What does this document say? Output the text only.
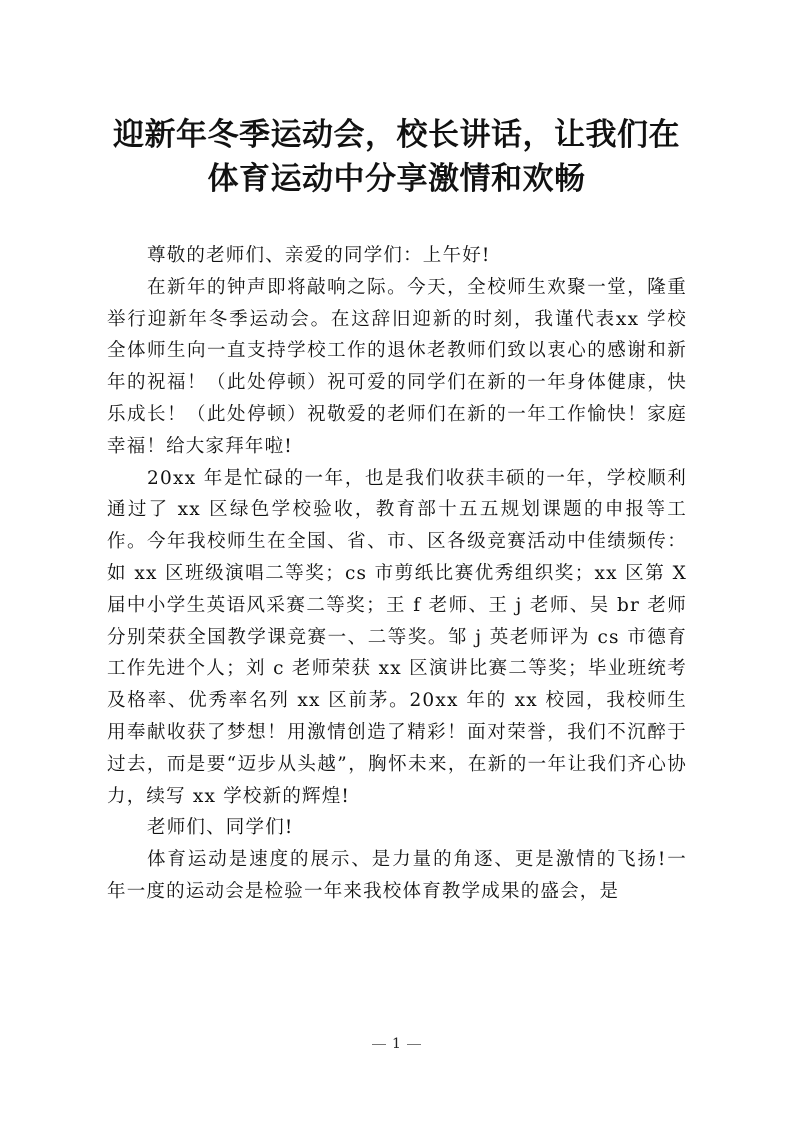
迎新年冬季运动会，校长讲话，让我们在
体育运动中分享激情和欢畅

尊敬的老师们、亲爱的同学们：上午好!

在新年的钟声即将敲响之际。今天，全校师生欢聚一堂，隆重举行迎新年冬季运动会。在这辞旧迎新的时刻，我谨代表xx 学校全体师生向一直支持学校工作的退休老教师们致以衷心的感谢和新年的祝福！（此处停顿）祝可爱的同学们在新的一年身体健康，快乐成长！（此处停顿）祝敬爱的老师们在新的一年工作愉快！家庭幸福！给大家拜年啦!

20xx 年是忙碌的一年，也是我们收获丰硕的一年，学校顺利通过了 xx 区绿色学校验收，教育部十五五规划课题的申报等工作。今年我校师生在全国、省、市、区各级竞赛活动中佳绩频传：如 xx 区班级演唱二等奖；cs 市剪纸比赛优秀组织奖；xx 区第 X 届中小学生英语风采赛二等奖；王 f 老师、王 j 老师、吴 br 老师分别荣获全国教学课竞赛一、二等奖。邹 j 英老师评为 cs 市德育工作先进个人；刘 c 老师荣获 xx 区演讲比赛二等奖；毕业班统考及格率、优秀率名列 xx 区前茅。20xx 年的 xx 校园，我校师生用奉献收获了梦想！用激情创造了精彩！面对荣誉，我们不沉醉于过去，而是要“迈步从头越”，胸怀未来，在新的一年让我们齐心协力，续写 xx 学校新的辉煌!

老师们、同学们!

体育运动是速度的展示、是力量的角逐、更是激情的飞扬!一年一度的运动会是检验一年来我校体育教学成果的盛会，是

1
